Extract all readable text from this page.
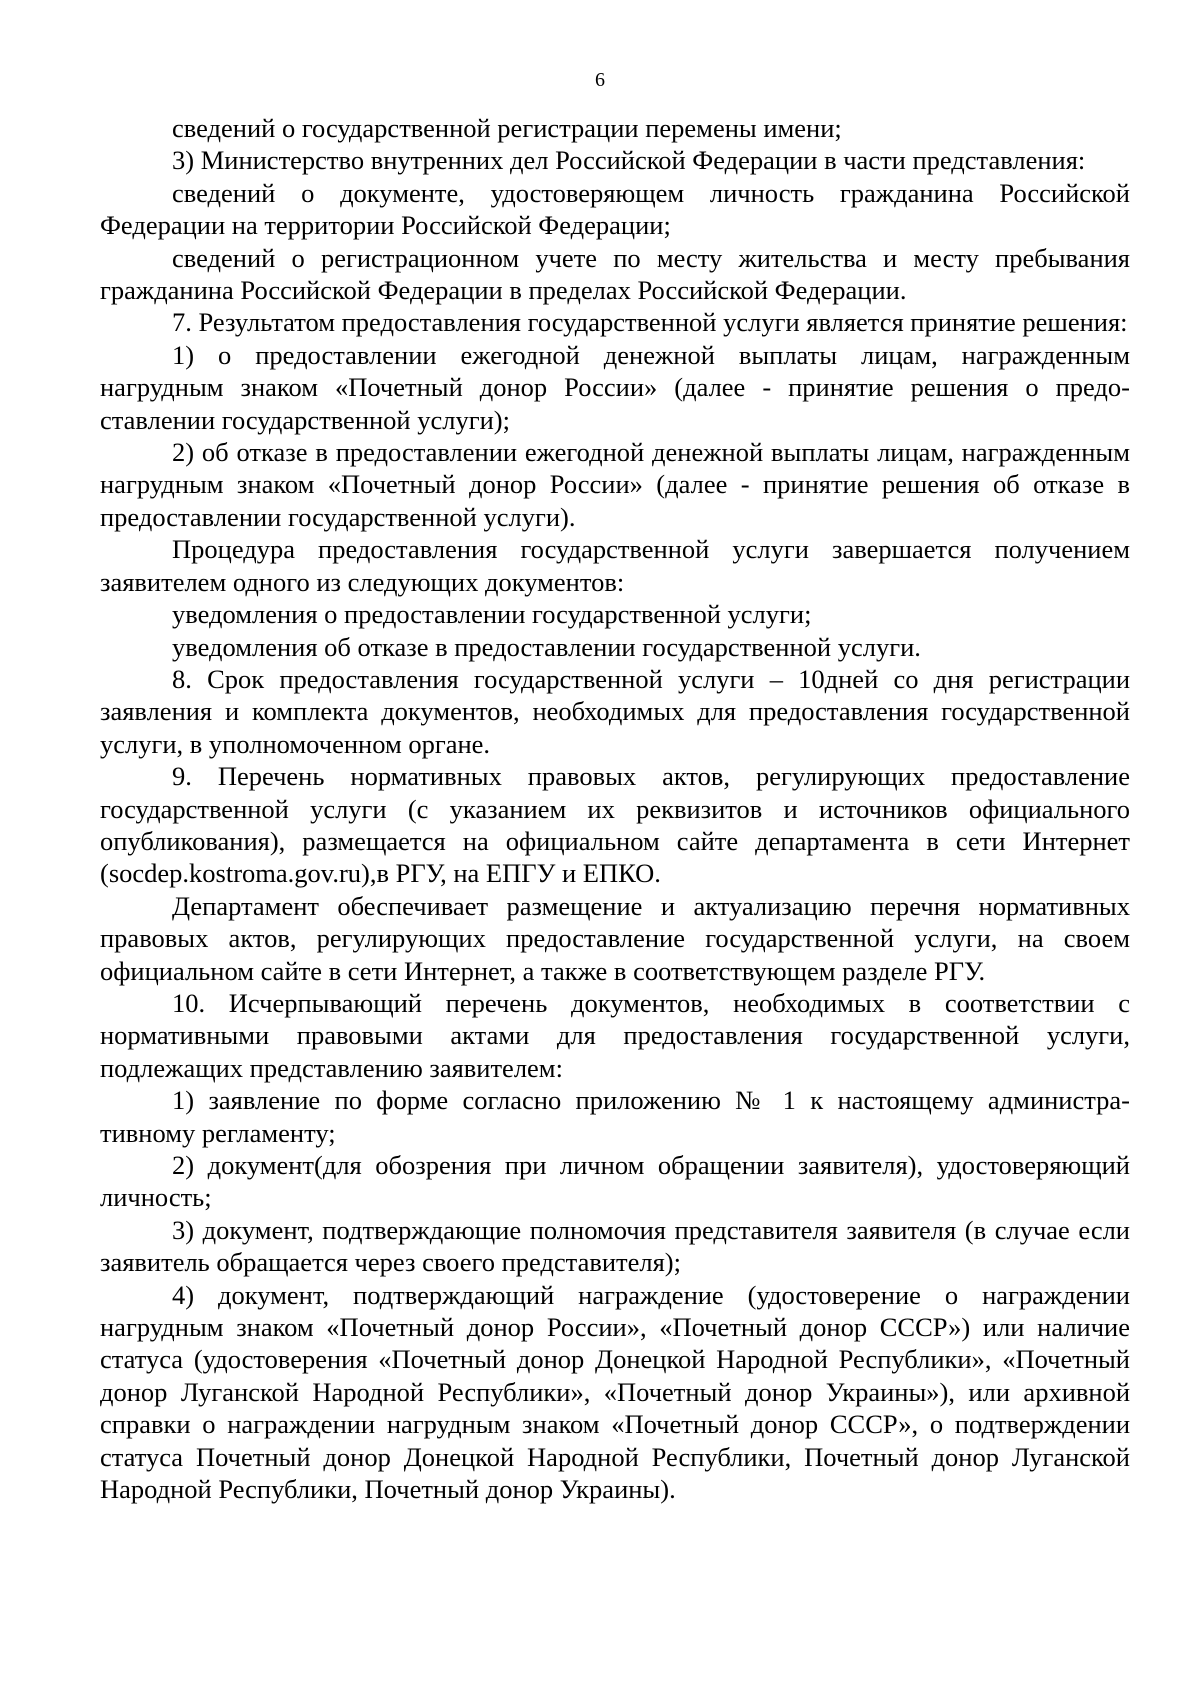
6

сведений о государственной регистрации перемены имени;

3) Министерство внутренних дел Российской Федерации в части представления:

сведений о документе, удостоверяющем личность гражданина Российской Федерации на территории Российской Федерации;

сведений о регистрационном учете по месту жительства и месту пребывания гражданина Российской Федерации в пределах Российской Федерации.

7. Результатом предоставления государственной услуги является принятие решения:

1) о предоставлении ежегодной денежной выплаты лицам, награжденным нагрудным знаком «Почетный донор России» (далее - принятие решения о предоставлении государственной услуги);

2) об отказе в предоставлении ежегодной денежной выплаты лицам, награжденным нагрудным знаком «Почетный донор России» (далее - принятие решения об отказе в предоставлении государственной услуги).

Процедура предоставления государственной услуги завершается получением заявителем одного из следующих документов:

уведомления о предоставлении государственной услуги;

уведомления об отказе в предоставлении государственной услуги.

8. Срок предоставления государственной услуги – 10дней со дня регистрации заявления и комплекта документов, необходимых для предоставления государственной услуги, в уполномоченном органе.

9. Перечень нормативных правовых актов, регулирующих предоставление государственной услуги (с указанием их реквизитов и источников официального опубликования), размещается на официальном сайте департамента в сети Интернет (socdep.kostroma.gov.ru),в РГУ, на ЕПГУ и ЕПКО.

Департамент обеспечивает размещение и актуализацию перечня нормативных правовых актов, регулирующих предоставление государственной услуги, на своем официальном сайте в сети Интернет, а также в соответствующем разделе РГУ.

10. Исчерпывающий перечень документов, необходимых в соответствии с нормативными правовыми актами для предоставления государственной услуги, подлежащих представлению заявителем:

1) заявление по форме согласно приложению № 1 к настоящему административному регламенту;

2) документ(для обозрения при личном обращении заявителя), удостоверяющий личность;

3) документ, подтверждающие полномочия представителя заявителя (в случае если заявитель обращается через своего представителя);

4) документ, подтверждающий награждение (удостоверение о награждении нагрудным знаком «Почетный донор России», «Почетный донор СССР») или наличие статуса (удостоверения «Почетный донор Донецкой Народной Республики», «Почетный донор Луганской Народной Республики», «Почетный донор Украины»), или архивной справки о награждении нагрудным знаком «Почетный донор СССР», о подтверждении статуса Почетный донор Донецкой Народной Республики, Почетный донор Луганской Народной Республики, Почетный донор Украины).
